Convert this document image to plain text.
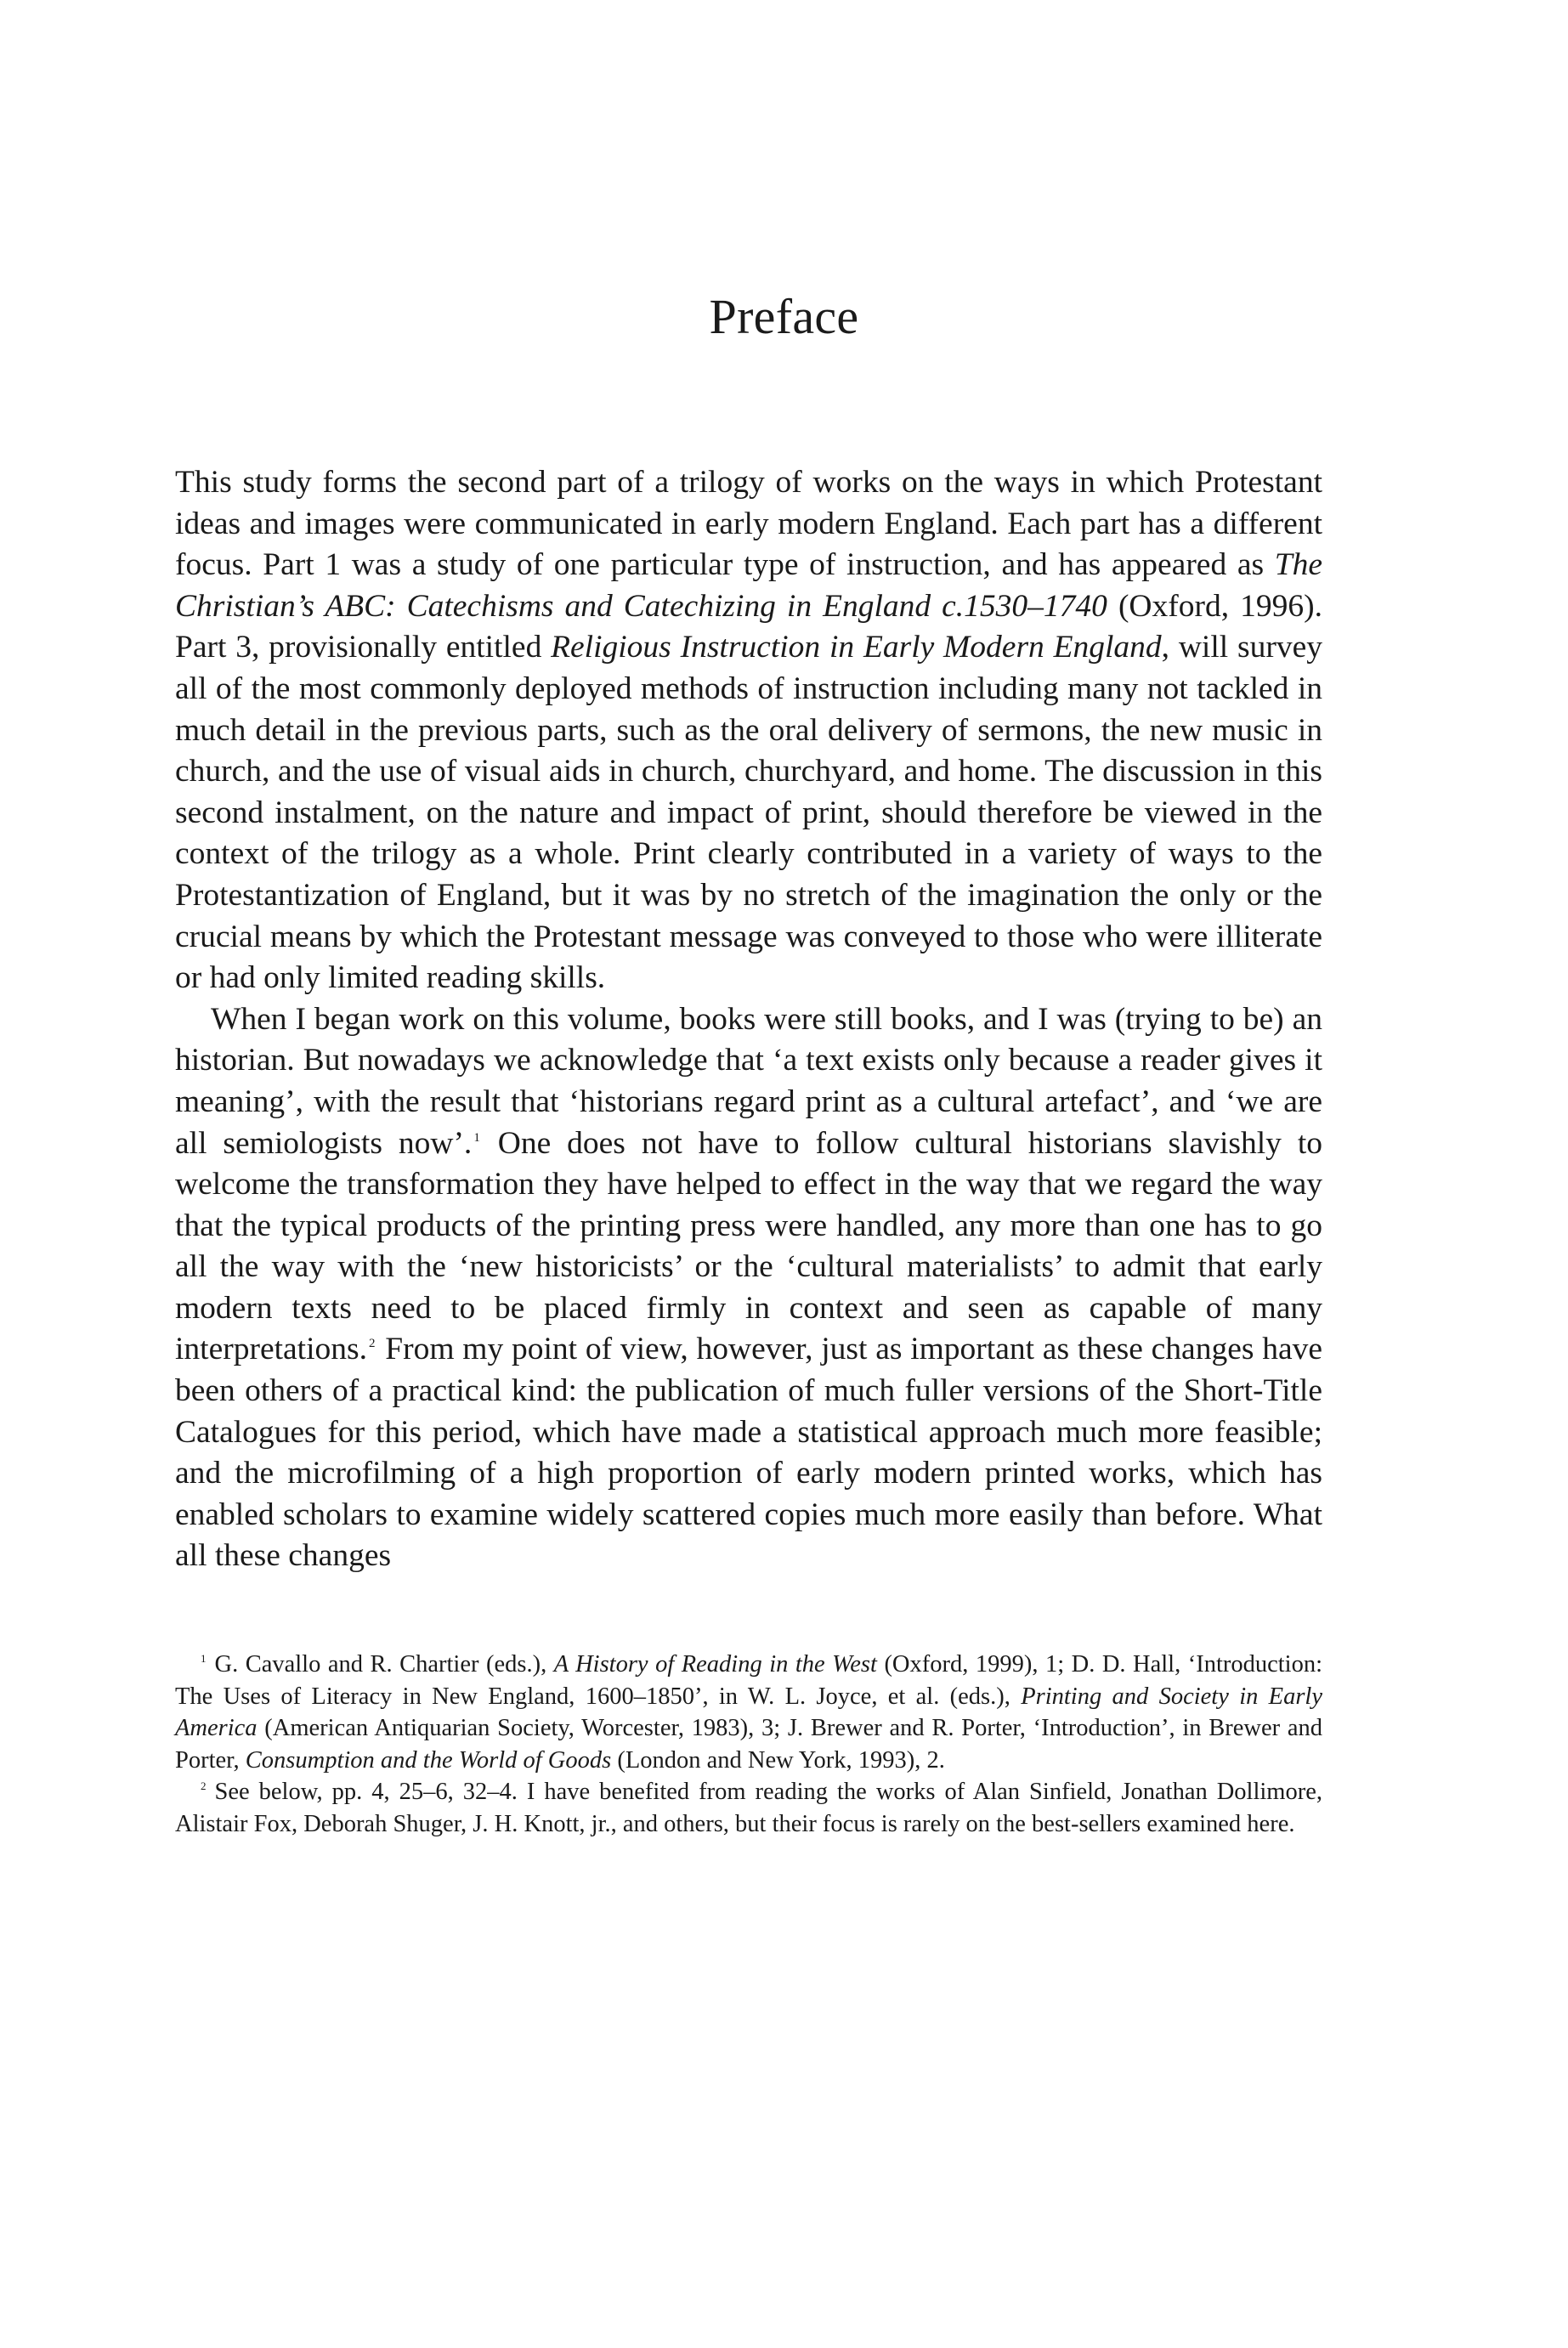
Preface

This study forms the second part of a trilogy of works on the ways in which Protestant ideas and images were communicated in early modern England. Each part has a different focus. Part 1 was a study of one particular type of instruction, and has appeared as The Christian’s ABC: Catechisms and Catechizing in England c.1530–1740 (Oxford, 1996). Part 3, provisionally entitled Religious Instruction in Early Modern England, will survey all of the most commonly deployed methods of instruction including many not tackled in much detail in the previous parts, such as the oral delivery of sermons, the new music in church, and the use of visual aids in church, churchyard, and home. The discussion in this second instalment, on the nature and impact of print, should therefore be viewed in the context of the trilogy as a whole. Print clearly contributed in a variety of ways to the Protestantization of England, but it was by no stretch of the imagination the only or the crucial means by which the Protestant message was conveyed to those who were illiterate or had only limited reading skills.

When I began work on this volume, books were still books, and I was (trying to be) an historian. But nowadays we acknowledge that ‘a text exists only because a reader gives it meaning’, with the result that ‘historians regard print as a cultural artefact’, and ‘we are all semiologists now’. $^1$ One does not have to follow cultural historians slavishly to welcome the transformation they have helped to effect in the way that we regard the way that the typical products of the printing press were handled, any more than one has to go all the way with the ‘new historicists’ or the ‘cultural materialists’ to admit that early modern texts need to be placed firmly in context and seen as capable of many interpretations. $^2$ From my point of view, however, just as important as these changes have been others of a practical kind: the publication of much fuller versions of the Short-Title Catalogues for this period, which have made a statistical approach much more feasible; and the microfilming of a high proportion of early modern printed works, which has enabled scholars to examine widely scattered copies much more easily than before. What all these changes

$^1$ G. Cavallo and R. Chartier (eds.), A History of Reading in the West (Oxford, 1999), 1; D. D. Hall, ‘Introduction: The Uses of Literacy in New England, 1600–1850’, in W. L. Joyce, et al. (eds.), Printing and Society in Early America (American Antiquarian Society, Worcester, 1983), 3; J. Brewer and R. Porter, ‘Introduction’, in Brewer and Porter, Consumption and the World of Goods (London and New York, 1993), 2.

$^2$ See below, pp. 4, 25–6, 32–4. I have benefited from reading the works of Alan Sinfield, Jonathan Dollimore, Alistair Fox, Deborah Shuger, J. H. Knott, jr., and others, but their focus is rarely on the best-sellers examined here.
